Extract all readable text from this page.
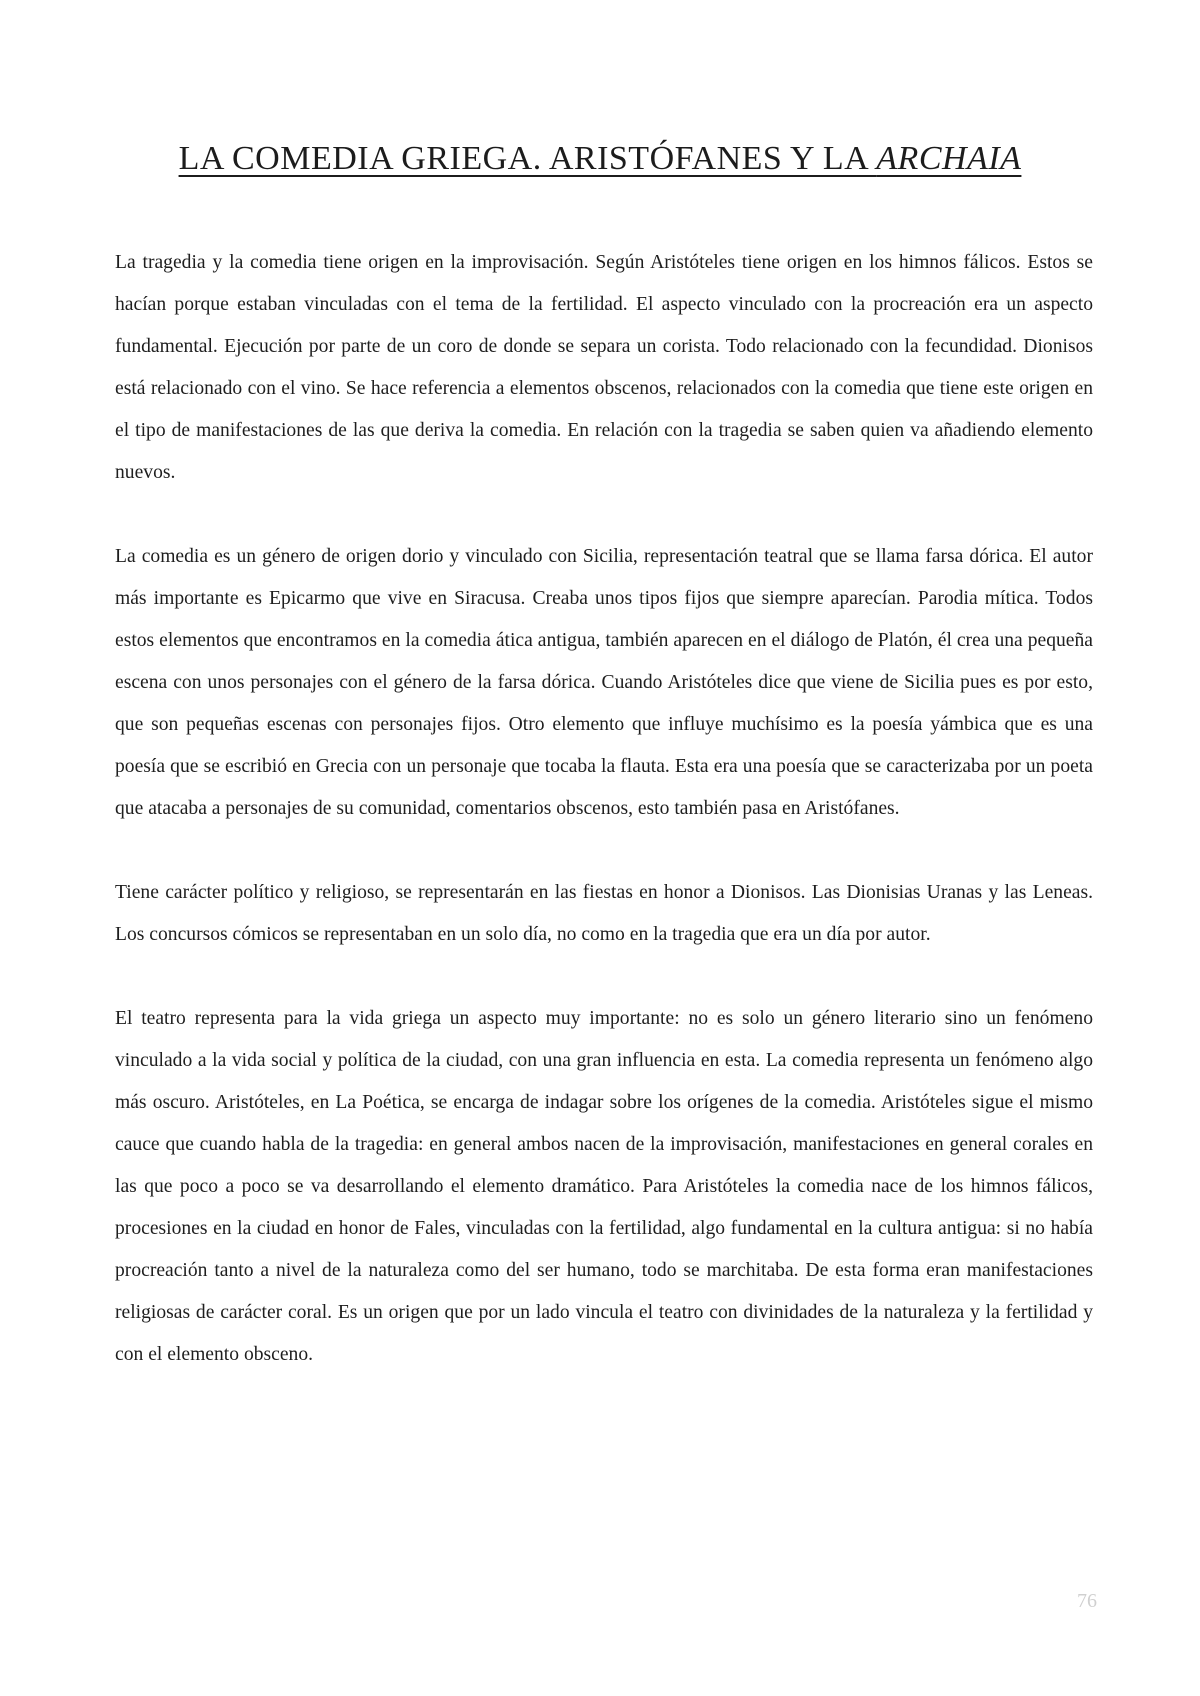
LA COMEDIA GRIEGA. ARISTÓFANES Y LA ARCHAIA

La tragedia y la comedia tiene origen en la improvisación. Según Aristóteles tiene origen en los himnos fálicos. Estos se hacían porque estaban vinculadas con el tema de la fertilidad. El aspecto vinculado con la procreación era un aspecto fundamental. Ejecución por parte de un coro de donde se separa un corista. Todo relacionado con la fecundidad. Dionisos está relacionado con el vino. Se hace referencia a elementos obscenos, relacionados con la comedia que tiene este origen en el tipo de manifestaciones de las que deriva la comedia. En relación con la tragedia se saben quien va añadiendo elemento nuevos.

La comedia es un género de origen dorio y vinculado con Sicilia, representación teatral que se llama farsa dórica. El autor más importante es Epicarmo que vive en Siracusa. Creaba unos tipos fijos que siempre aparecían. Parodia mítica. Todos estos elementos que encontramos en la comedia ática antigua, también aparecen en el diálogo de Platón, él crea una pequeña escena con unos personajes con el género de la farsa dórica. Cuando Aristóteles dice que viene de Sicilia pues es por esto, que son pequeñas escenas con personajes fijos. Otro elemento que influye muchísimo es la poesía yámbica que es una poesía que se escribió en Grecia con un personaje que tocaba la flauta. Esta era una poesía que se caracterizaba por un poeta que atacaba a personajes de su comunidad, comentarios obscenos, esto también pasa en Aristófanes.

Tiene carácter político y religioso, se representarán en las fiestas en honor a Dionisos. Las Dionisias Uranas y las Leneas. Los concursos cómicos se representaban en un solo día, no como en la tragedia que era un día por autor.

El teatro representa para la vida griega un aspecto muy importante: no es solo un género literario sino un fenómeno vinculado a la vida social y política de la ciudad, con una gran influencia en esta. La comedia representa un fenómeno algo más oscuro. Aristóteles, en La Poética, se encarga de indagar sobre los orígenes de la comedia. Aristóteles sigue el mismo cauce que cuando habla de la tragedia: en general ambos nacen de la improvisación, manifestaciones en general corales en las que poco a poco se va desarrollando el elemento dramático. Para Aristóteles la comedia nace de los himnos fálicos, procesiones en la ciudad en honor de Fales, vinculadas con la fertilidad, algo fundamental en la cultura antigua: si no había procreación tanto a nivel de la naturaleza como del ser humano, todo se marchitaba. De esta forma eran manifestaciones religiosas de carácter coral. Es un origen que por un lado vincula el teatro con divinidades de la naturaleza y la fertilidad y con el elemento obsceno.

76
